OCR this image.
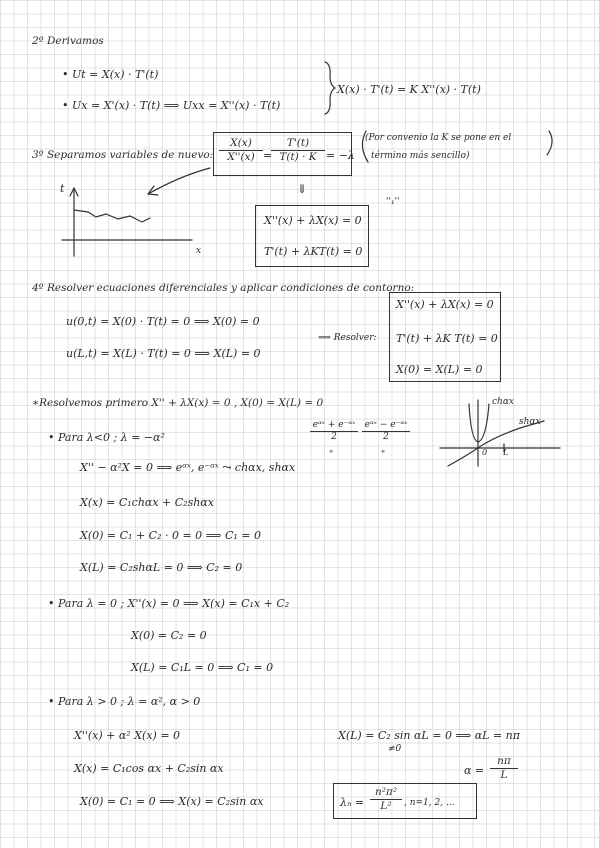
2º Derivamos
• Ut = X(x) · T'(t)
• Ux = X'(x) · T(t) ⟹ Uxx = X''(x) · T(t)
X(x) · T'(t) = K X''(x) · T(t)
3º Separamos variables de nuevo: $\frac{X(x)}{X''(x)}$ =
$\frac{T'(t)}{T(t) \cdot K} = -\lambda$
(Por convenio la K se pone en el
término más sencillo)
t
x
⇓
X''(x) + λX(x) = 0
T'(t) + λKT(t) = 0
''₁''
4º Resolver ecuaciones diferenciales y aplicar condiciones de contorno:
u(0,t) = X(0) · T(t) = 0 ⟹ X(0) = 0
u(L,t) = X(L) · T(t) = 0 ⟹ X(L) = 0
⟹ Resolver:
X''(x) + λX(x) = 0
T'(t) + λK T(t) = 0
X(0) = X(L) = 0
∗Resolvemos primero X'' + λX(x) = 0 , X(0) = X(L) = 0
eᵅˣ + e⁻ᵅˣ
2
eᵅˣ − e⁻ᵅˣ
2
"	"
chαx
shαx
0 L
• Para λ<0 ; λ = −α²
X'' − α²X = 0 ⟹ eᵅˣ, e⁻ᵅˣ ⤳ chαx, shαx
X(x) = C₁chαx + C₂shαx
X(0) = C₁ + C₂ · 0 = 0 ⟹ C₁ = 0
X(L) = C₂shαL = 0 ⟹ C₂ = 0
• Para λ = 0 ; X''(x) = 0 ⟹ X(x) = C₁x + C₂
X(0) = C₂ = 0
X(L) = C₁L = 0 ⟹ C₁ = 0
• Para λ > 0 ; λ = α², α > 0
X''(x) + α² X(x) = 0
X(x) = C₁cos αx + C₂sin αx
X(0) = C₁ = 0 ⟹ X(x) = C₂sin αx
X(L) = C₂ sin αL = 0 ⟹ αL = nπ
≠0
$\alpha = \frac{n\pi}{L}$
$\lambda_n = \frac{\text{n²π²}}{\text{L²}}$ , n=1, 2, ...
